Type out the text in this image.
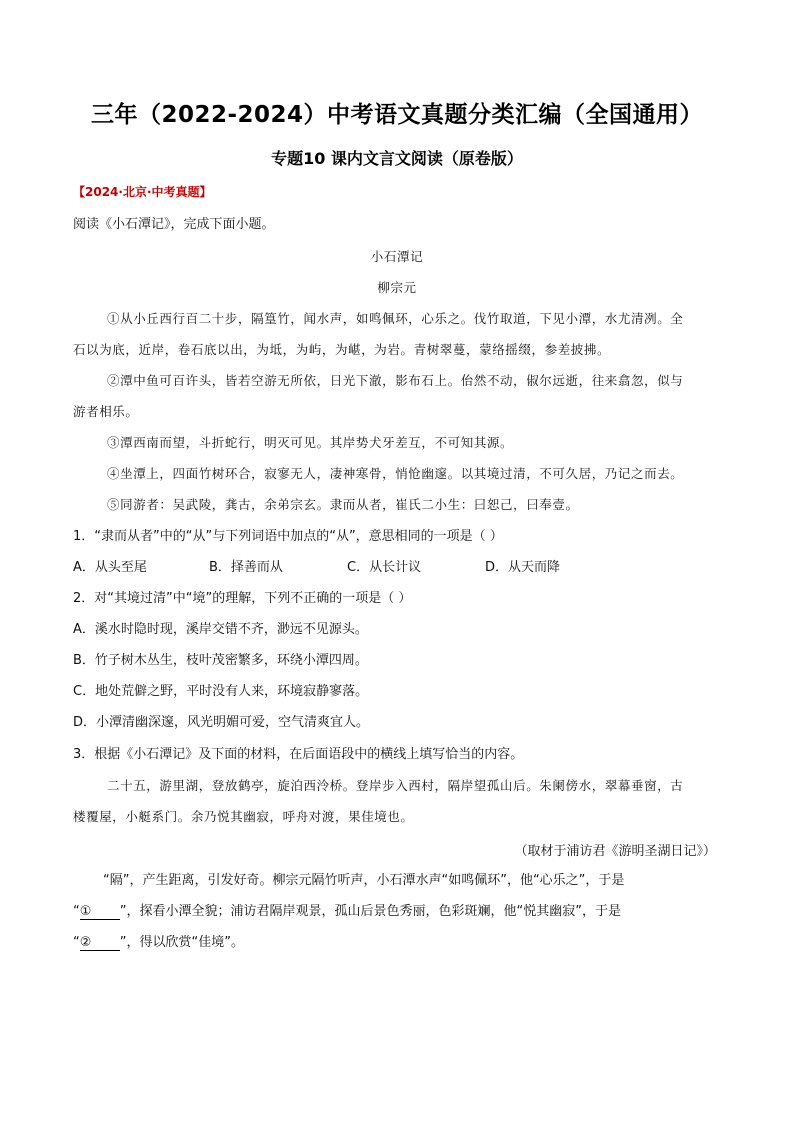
三年（2022-2024）中考语文真题分类汇编（全国通用）
专题10 课内文言文阅读（原卷版）
【2024·北京·中考真题】
阅读《小石潭记》，完成下面小题。
小石潭记
柳宗元
①从小丘西行百二十步，隔篁竹，闻水声，如鸣佩环，心乐之。伐竹取道，下见小潭，水尤清冽。全
石以为底，近岸，卷石底以出，为坻，为屿，为嵁，为岩。青树翠蔓，蒙络摇缀，参差披拂。
②潭中鱼可百许头，皆若空游无所依，日光下澈，影布石上。佁然不动，俶尔远逝，往来翕忽，似与
游者相乐。
③潭西南而望，斗折蛇行，明灭可见。其岸势犬牙差互，不可知其源。
④坐潭上，四面竹树环合，寂寥无人，凄神寒骨，悄怆幽邃。以其境过清，不可久居，乃记之而去。
⑤同游者：吴武陵，龚古，余弟宗玄。隶而从者，崔氏二小生：曰恕己，曰奉壹。
1．“隶而从者”中的“从”与下列词语中加点的“从”，意思相同的一项是（ ）
A．从头至尾	B．择善而从	C．从长计议	D．从天而降
2．对“其境过清”中“境”的理解，下列不正确的一项是（ ）
A．溪水时隐时现，溪岸交错不齐，渺远不见源头。
B．竹子树木丛生，枝叶茂密繁多，环绕小潭四周。
C．地处荒僻之野，平时没有人来，环境寂静寥落。
D．小潭清幽深邃，风光明媚可爱，空气清爽宜人。
3．根据《小石潭记》及下面的材料，在后面语段中的横线上填写恰当的内容。
二十五，游里湖，登放鹤亭，旋泊西泠桥。登岸步入西村，隔岸望孤山后。朱阑傍水，翠幕垂窗，古
楼覆屋，小艇系门。余乃悦其幽寂，呼舟对渡，果佳境也。
（取材于浦访君《游明圣湖日记》）
“隔”，产生距离，引发好奇。柳宗元隔竹听声，小石潭水声“如鸣佩环”，他“心乐之”，于是
“① ”，探看小潭全貌；浦访君隔岸观景，孤山后景色秀丽，色彩斑斓，他“悦其幽寂”，于是
“② ”，得以欣赏“佳境”。
